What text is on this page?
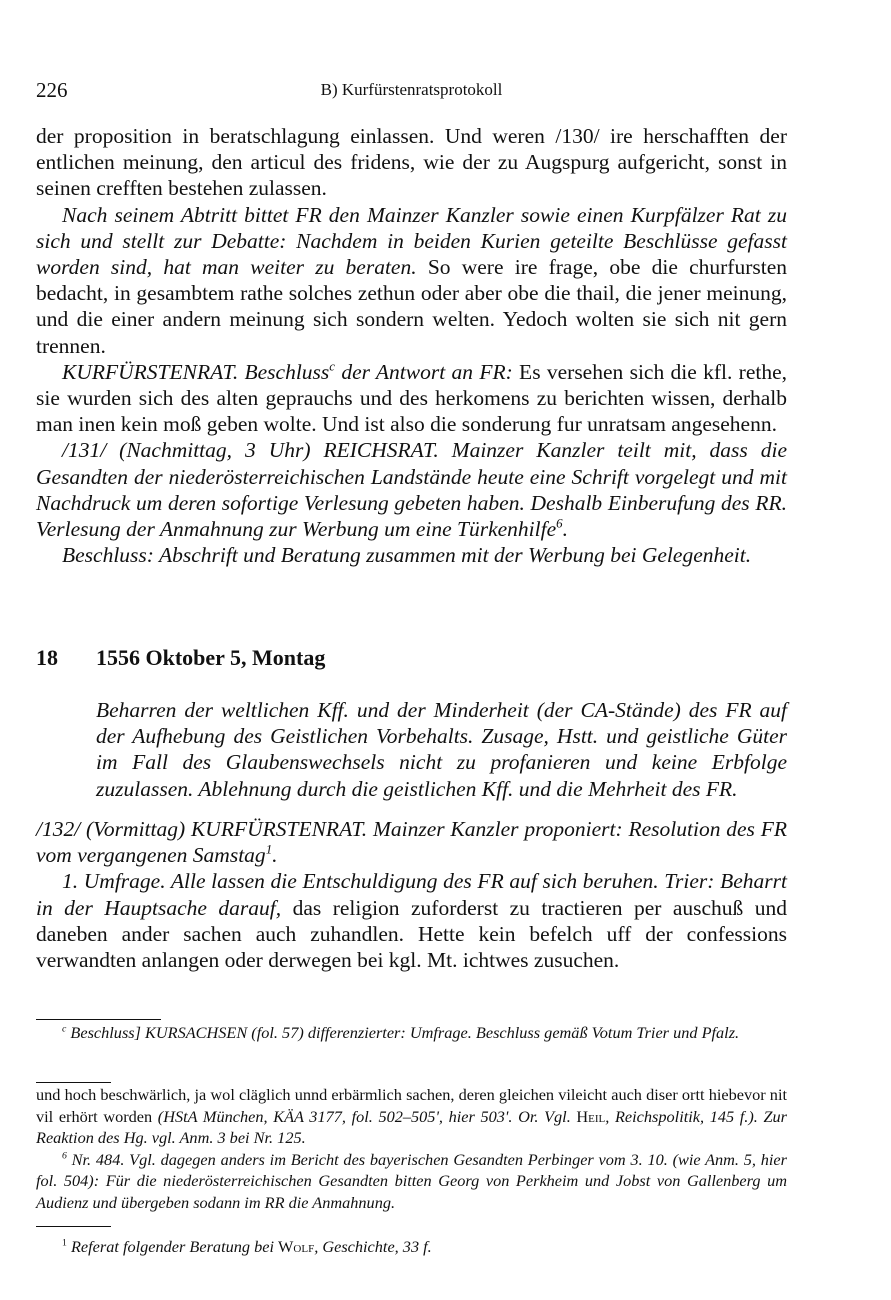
226	B) Kurfürstenratsprotokoll

der proposition in beratschlagung einlassen. Und weren /130/ ire herschafften der entlichen meinung, den articul des fridens, wie der zu Augspurg aufgericht, sonst in seinen crefften bestehen zulassen.

Nach seinem Abtritt bittet FR den Mainzer Kanzler sowie einen Kurpfälzer Rat zu sich und stellt zur Debatte: Nachdem in beiden Kurien geteilte Beschlüsse gefasst worden sind, hat man weiter zu beraten. So were ire frage, obe die churfursten bedacht, in gesambtem rathe solches zethun oder aber obe die thail, die jener meinung, und die einer andern meinung sich sondern welten. Yedoch wolten sie sich nit gern trennen.

KURFÜRSTENRAT. Beschluss$^c$ der Antwort an FR: Es versehen sich die kfl. rethe, sie wurden sich des alten geprauchs und des herkomens zu berichten wissen, derhalb man inen kein moß geben wolte. Und ist also die sonderung fur unratsam angesehenn.

/131/ (Nachmittag, 3 Uhr) REICHSRAT. Mainzer Kanzler teilt mit, dass die Gesandten der niederösterreichischen Landstände heute eine Schrift vorgelegt und mit Nachdruck um deren sofortige Verlesung gebeten haben. Deshalb Einberufung des RR. Verlesung der Anmahnung zur Werbung um eine Türkenhilfe$^6$.

Beschluss: Abschrift und Beratung zusammen mit der Werbung bei Gelegenheit.

18 1556 Oktober 5, Montag
Beharren der weltlichen Kff. und der Minderheit (der CA-Stände) des FR auf der Aufhebung des Geistlichen Vorbehalts. Zusage, Hstt. und geistliche Güter im Fall des Glaubenswechsels nicht zu profanieren und keine Erbfolge zuzulassen. Ablehnung durch die geistlichen Kff. und die Mehrheit des FR.

/132/ (Vormittag) KURFÜRSTENRAT. Mainzer Kanzler proponiert: Resolution des FR vom vergangenen Samstag$^1$.

1. Umfrage. Alle lassen die Entschuldigung des FR auf sich beruhen. Trier: Beharrt in der Hauptsache darauf, das religion zuforderst zu tractieren per auschuß und daneben ander sachen auch zuhandlen. Hette kein befelch uff der confessions verwandten anlangen oder derwegen bei kgl. Mt. ichtwes zusuchen.

$^c$ Beschluss] KURSACHSEN (fol. 57) differenzierter: Umfrage. Beschluss gemäß Votum Trier und Pfalz.

und hoch beschwärlich, ja wol cläglich unnd erbärmlich sachen, deren gleichen vileicht auch diser ortt hiebevor nit vil erhört worden (HStA München, KÄA 3177, fol. 502–505', hier 503'. Or. Vgl. Heil, Reichspolitik, 145 f.). Zur Reaktion des Hg. vgl. Anm. 3 bei Nr. 125.

$^6$ Nr. 484. Vgl. dagegen anders im Bericht des bayerischen Gesandten Perbinger vom 3. 10. (wie Anm. 5, hier fol. 504): Für die niederösterreichischen Gesandten bitten Georg von Perkheim und Jobst von Gallenberg um Audienz und übergeben sodann im RR die Anmahnung.

$^1$ Referat folgender Beratung bei Wolf, Geschichte, 33 f.
